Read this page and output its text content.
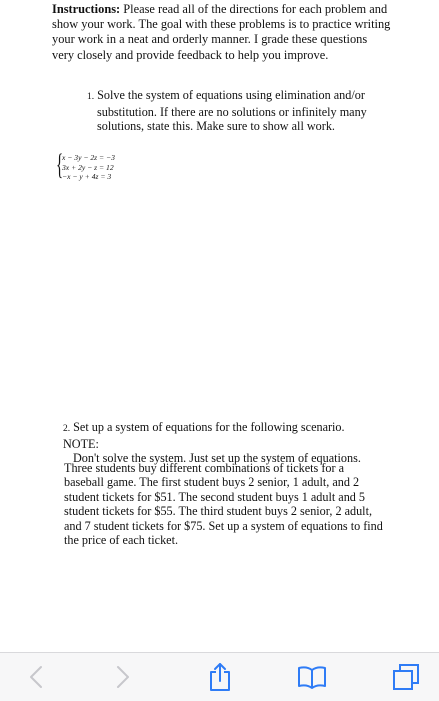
Instructions: Please read all of the directions for each problem and show your work. The goal with these problems is to practice writing your work in a neat and orderly manner. I grade these questions very closely and provide feedback to help you improve.

1. Solve the system of equations using elimination and/or
substitution. If there are no solutions or infinitely many solutions, state this. Make sure to show all work.

{
x − 3y − 2z = −3
3x + 2y − z = 12
−x − y + 4z = 3

2. Set up a system of equations for the following scenario. NOTE:
Don't solve the system. Just set up the system of equations.

Three students buy different combinations of tickets for a baseball game. The first student buys 2 senior, 1 adult, and 2 student tickets for $51. The second student buys 1 adult and 5 student tickets for $55. The third student buys 2 senior, 2 adult, and 7 student tickets for $75. Set up a system of equations to find the price of each ticket.
